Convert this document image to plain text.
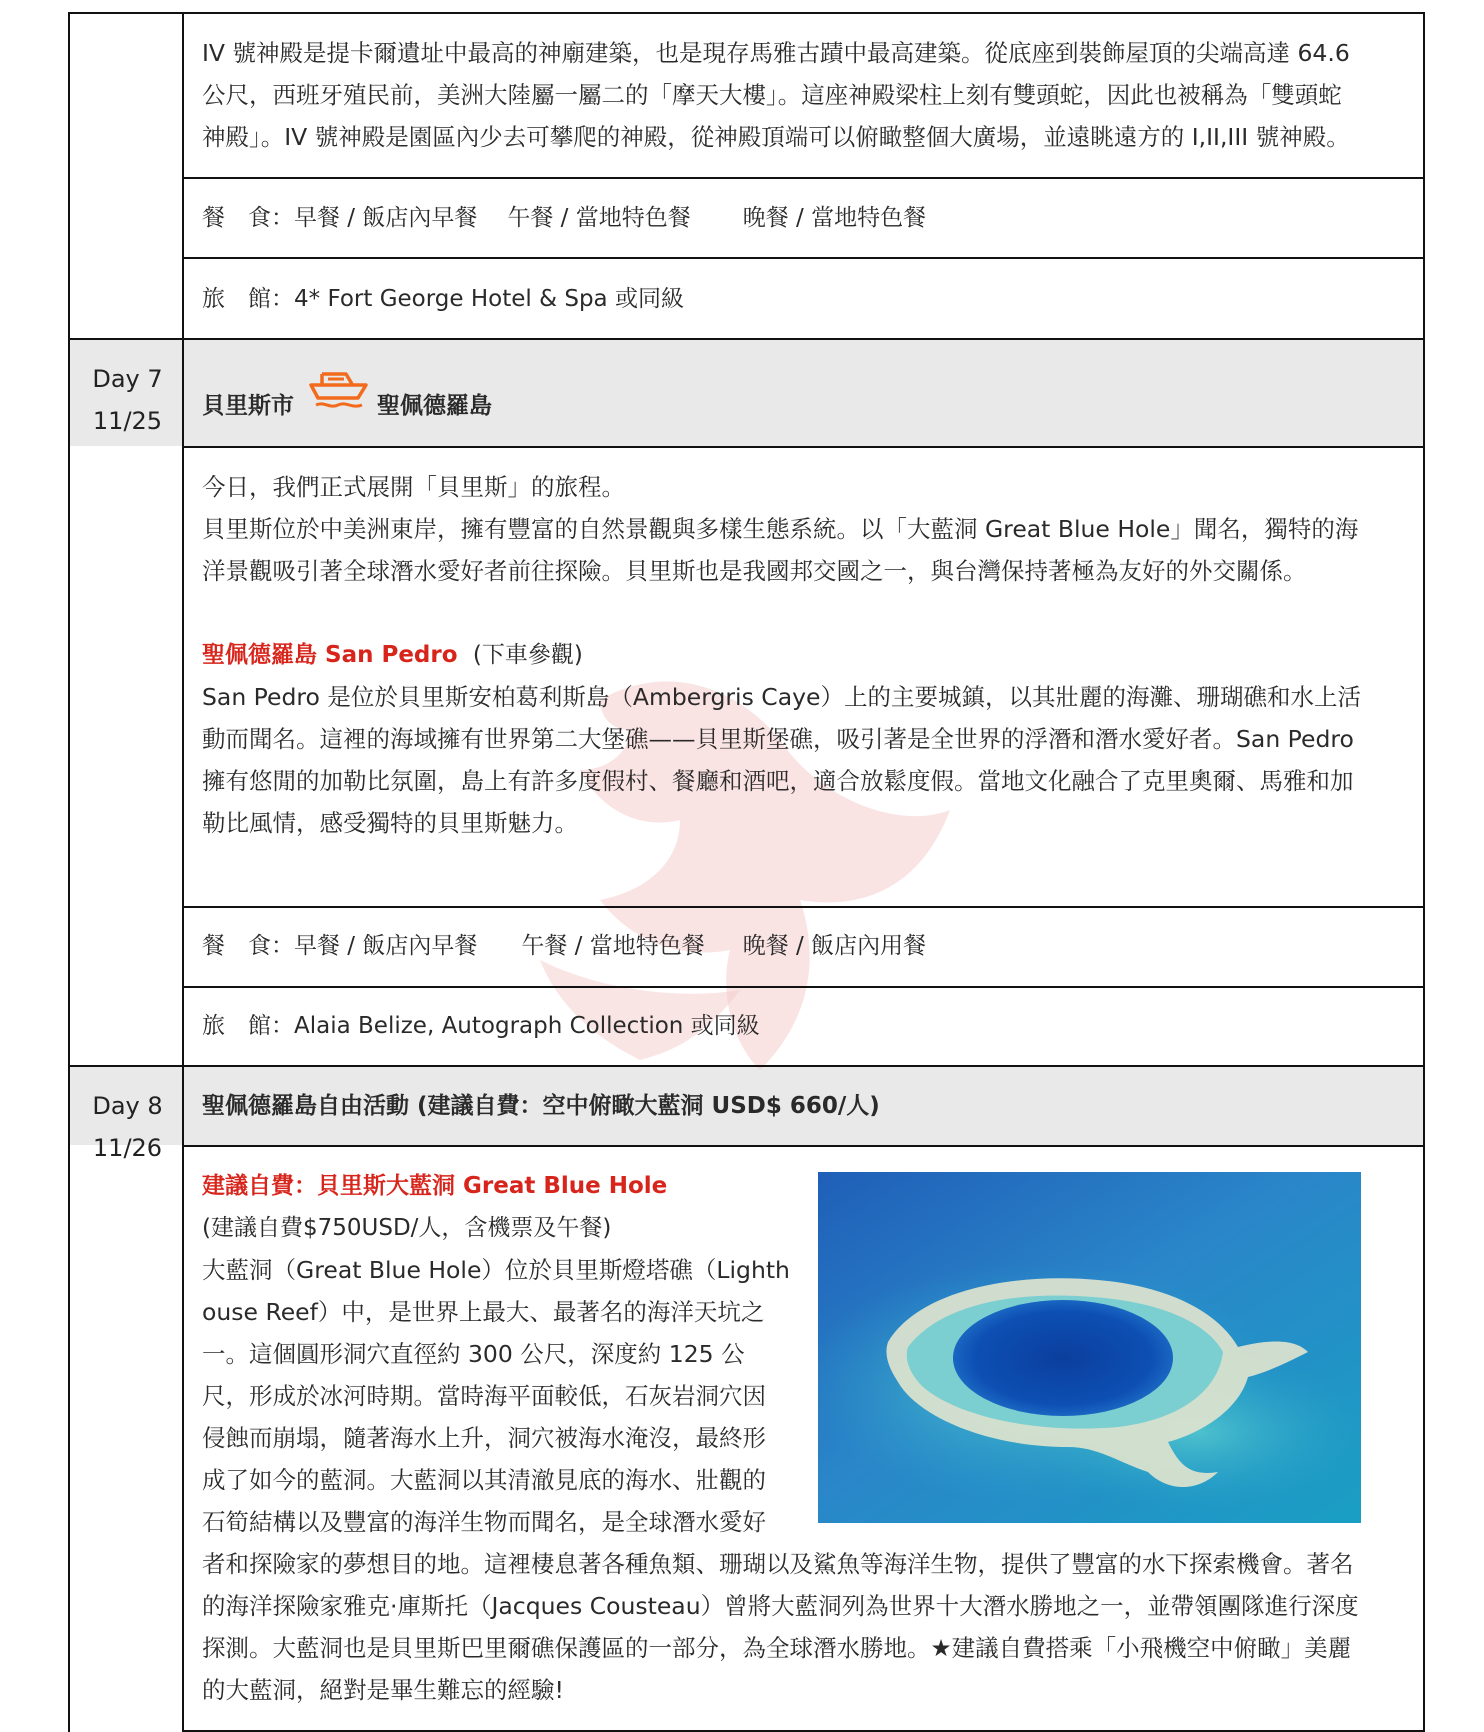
IV 號神殿是提卡爾遺址中最高的神廟建築，也是現存馬雅古蹟中最高建築。從底座到裝飾屋頂的尖端高達 64.6

公尺，西班牙殖民前，美洲大陸屬一屬二的「摩天大樓」。這座神殿梁柱上刻有雙頭蛇，因此也被稱為「雙頭蛇

神殿」。IV 號神殿是園區內少去可攀爬的神殿，從神殿頂端可以俯瞰整個大廣場，並遠眺遠方的 I,II,III 號神殿。

餐　食：早餐 / 飯店內早餐 午餐 / 當地特色餐 晚餐 / 當地特色餐
旅　館：4* Fort George Hotel & Spa 或同級
Day 7
11/25
貝里斯市	聖佩德羅島

今日，我們正式展開「貝里斯」的旅程。

貝里斯位於中美洲東岸，擁有豐富的自然景觀與多樣生態系統。以「大藍洞 Great Blue Hole」聞名，獨特的海

洋景觀吸引著全球潛水愛好者前往探險。貝里斯也是我國邦交國之一，與台灣保持著極為友好的外交關係。

聖佩德羅島 San Pedro (下車參觀)

San Pedro 是位於貝里斯安柏葛利斯島（Ambergris Caye）上的主要城鎮，以其壯麗的海灘、珊瑚礁和水上活

動而聞名。這裡的海域擁有世界第二大堡礁——貝里斯堡礁，吸引著是全世界的浮潛和潛水愛好者。San Pedro

擁有悠閒的加勒比氛圍，島上有許多度假村、餐廳和酒吧，適合放鬆度假。當地文化融合了克里奧爾、馬雅和加

勒比風情，感受獨特的貝里斯魅力。

餐　食：早餐 / 飯店內早餐 午餐 / 當地特色餐 晚餐 / 飯店內用餐
旅　館：Alaia Belize, Autograph Collection 或同級
Day 8
11/26
聖佩德羅島自由活動 (建議自費：空中俯瞰大藍洞 USD$ 660/人)
建議自費：貝里斯大藍洞 Great Blue Hole
(建議自費$750USD/人，含機票及午餐)

大藍洞（Great Blue Hole）位於貝里斯燈塔礁（Lighth

ouse Reef）中，是世界上最大、最著名的海洋天坑之

一。這個圓形洞穴直徑約 300 公尺，深度約 125 公

尺，形成於冰河時期。當時海平面較低，石灰岩洞穴因

侵蝕而崩塌，隨著海水上升，洞穴被海水淹沒，最終形

成了如今的藍洞。大藍洞以其清澈見底的海水、壯觀的

石筍結構以及豐富的海洋生物而聞名，是全球潛水愛好

者和探險家的夢想目的地。這裡棲息著各種魚類、珊瑚以及鯊魚等海洋生物，提供了豐富的水下探索機會。著名

的海洋探險家雅克·庫斯托（Jacques Cousteau）曾將大藍洞列為世界十大潛水勝地之一，並帶領團隊進行深度

探測。大藍洞也是貝里斯巴里爾礁保護區的一部分，為全球潛水勝地。★建議自費搭乘「小飛機空中俯瞰」美麗

的大藍洞，絕對是畢生難忘的經驗!
